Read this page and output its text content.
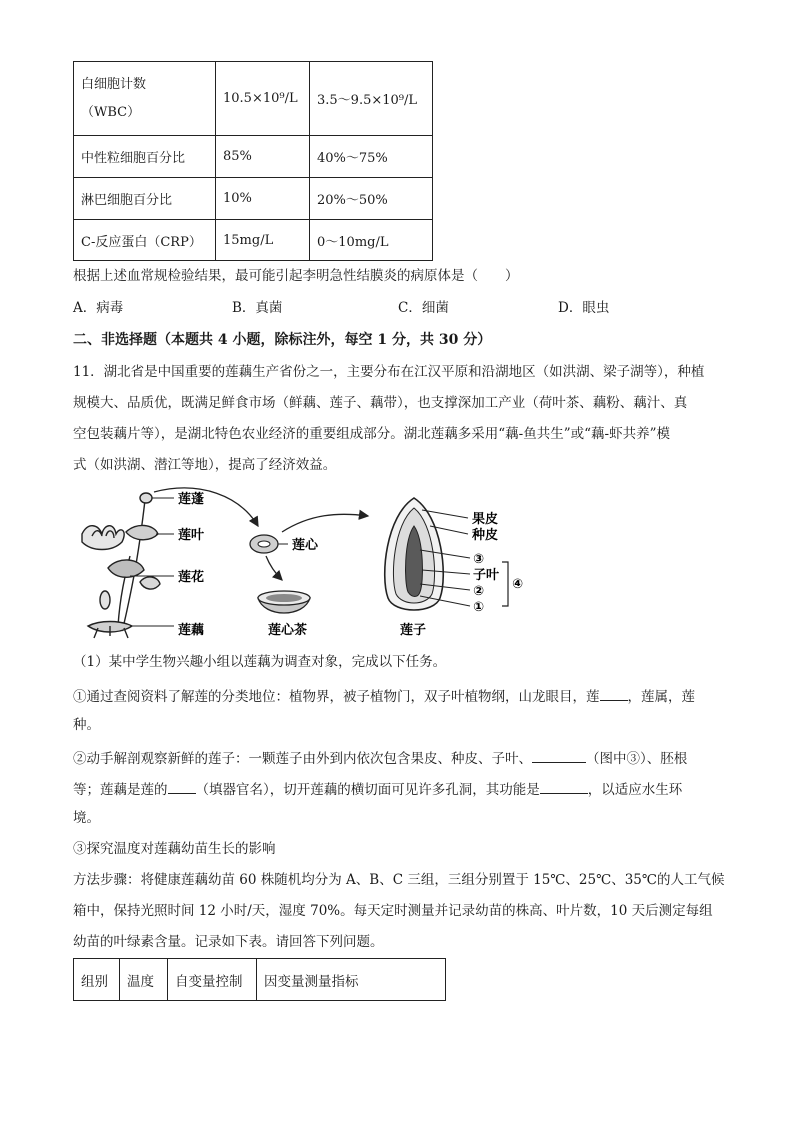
白细胞计数
（WBC）	10.5×10⁹/L	3.5～9.5×10⁹/L
中性粒细胞百分比	85%	40%～75%
淋巴细胞百分比	10%	20%～50%
C-反应蛋白（CRP）	15mg/L	0～10mg/L
根据上述血常规检验结果，最可能引起李明急性结膜炎的病原体是（　　）
A．病毒	B．真菌	C．细菌	D．眼虫
二、非选择题（本题共 4 小题，除标注外，每空 1 分，共 30 分）
11．湖北省是中国重要的莲藕生产省份之一，主要分布在江汉平原和沿湖地区（如洪湖、梁子湖等），种植
规模大、品质优，既满足鲜食市场（鲜藕、莲子、藕带），也支撑深加工产业（荷叶茶、藕粉、藕汁、真
空包装藕片等），是湖北特色农业经济的重要组成部分。湖北莲藕多采用“藕-鱼共生”或“藕-虾共养”模
式（如洪湖、潜江等地），提高了经济效益。
莲蓬
莲叶
莲花
莲藕
莲心
莲心茶
果皮
种皮
③
子叶
②
①
④
莲子
（1）某中学生物兴趣小组以莲藕为调查对象，完成以下任务。
①通过查阅资料了解莲的分类地位：植物界，被子植物门，双子叶植物纲，山龙眼目，莲 ，莲属，莲
种。
②动手解剖观察新鲜的莲子：一颗莲子由外到内依次包含果皮、种皮、子叶、	（图中③）、胚根
等；莲藕是莲的 （填器官名），切开莲藕的横切面可见许多孔洞，其功能是	，以适应水生环
境。
③探究温度对莲藕幼苗生长的影响
方法步骤：将健康莲藕幼苗 60 株随机均分为 A、B、C 三组，三组分别置于 15℃、25℃、35℃的人工气候
箱中，保持光照时间 12 小时/天，湿度 70%。每天定时测量并记录幼苗的株高、叶片数，10 天后测定每组
幼苗的叶绿素含量。记录如下表。请回答下列问题。
组别	温度	自变量控制	因变量测量指标
